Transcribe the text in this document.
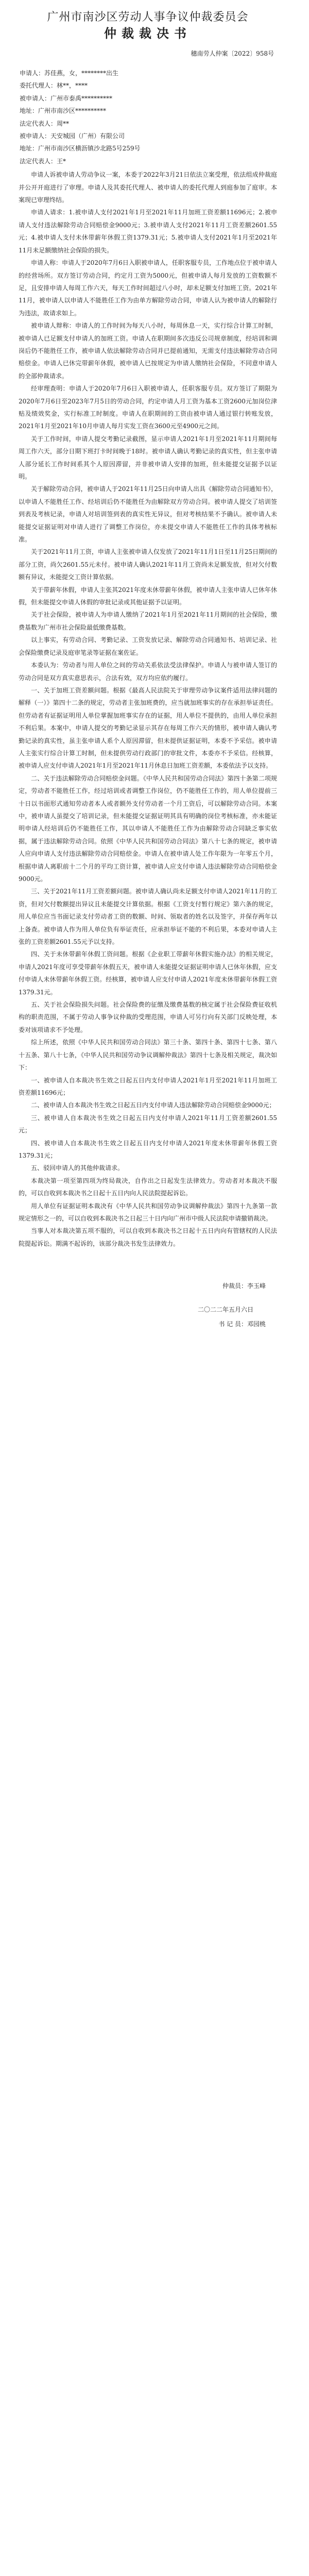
广州市南沙区劳动人事争议仲裁委员会
仲裁裁决书
穗南劳人仲案〔2022〕958号

申请人：苏佳燕，女，********出生

委托代理人：林**，****

被申请人：广州市泰禹**********

地址：广州市南沙区**********

法定代表人：周**

被申请人：天安城园（广州）有限公司

地址：广州市南沙区横沥镇沙北路5号259号

法定代表人：王*

申请人诉被申请人劳动争议一案，本委于2022年3月21日依法立案受理，依法组成仲裁庭并公开开庭进行了审理。申请人及其委托代理人、被申请人的委托代理人到庭参加了庭审。本案现已审理终结。

申请人请求：1.被申请人支付2021年1月至2021年11月加班工资差额11696元；2.被申请人支付违法解除劳动合同赔偿金9000元；3.被申请人支付2021年11月工资差额2601.55元；4.被申请人支付未休带薪年休假工资1379.31元；5.被申请人支付2021年1月至2021年11月未足额缴纳社会保险的损失。

申请人称：申请人于2020年7月6日入职被申请人，任职客服专员，工作地点位于被申请人的经营场所。双方签订劳动合同，约定月工资为5000元，但被申请人每月发放的工资数额不足，且安排申请人每周工作六天，每天工作时间超过八小时，却未足额支付加班工资。2021年11月，被申请人以申请人不能胜任工作为由单方解除劳动合同，申请人认为被申请人的解除行为违法，故请求如上。

被申请人辩称：申请人的工作时间为每天八小时，每周休息一天，实行综合计算工时制，被申请人已足额支付申请人的加班工资。申请人在职期间多次违反公司规章制度，经培训和调岗后仍不能胜任工作，被申请人依法解除劳动合同并已提前通知，无需支付违法解除劳动合同赔偿金。申请人已休完带薪年休假，被申请人已按规定为申请人缴纳社会保险，不同意申请人的全部仲裁请求。

经审理查明：申请人于2020年7月6日入职被申请人，任职客服专员。双方签订了期限为2020年7月6日至2023年7月5日的劳动合同，约定申请人月工资为基本工资2600元加岗位津贴及绩效奖金，实行标准工时制度。申请人在职期间的工资由被申请人通过银行转账发放，2021年1月至2021年10月申请人每月实发工资在3600元至4900元之间。

关于工作时间，申请人提交考勤记录截图，显示申请人2021年1月至2021年11月期间每周工作六天，部分日期下班打卡时间晚于18时。被申请人确认考勤记录的真实性，但主张申请人部分延长工作时间系其个人原因滞留，并非被申请人安排的加班，但未能提交证据予以证明。

关于解除劳动合同，被申请人于2021年11月25日向申请人出具《解除劳动合同通知书》，以申请人不能胜任工作、经培训后仍不能胜任为由解除双方劳动合同。被申请人提交了培训签到表及考核记录，申请人对培训签到表的真实性无异议，但对考核结果不予确认。被申请人未能提交证据证明对申请人进行了调整工作岗位，亦未提交申请人不能胜任工作的具体考核标准。

关于2021年11月工资，申请人主张被申请人仅发放了2021年11月1日至11月25日期间的部分工资，尚欠2601.55元未付。被申请人确认2021年11月工资尚未足额发放，但对欠付数额有异议，未能提交工资计算依据。

关于带薪年休假，申请人主张其2021年度未休带薪年休假，被申请人主张申请人已休年休假，但未能提交申请人休假的审批记录或其他证据予以证明。

关于社会保险，被申请人为申请人缴纳了2021年1月至2021年11月期间的社会保险，缴费基数为广州市社会保险最低缴费基数。

以上事实，有劳动合同、考勤记录、工资发放记录、解除劳动合同通知书、培训记录、社会保险缴费记录及庭审笔录等证据在案佐证。

本委认为：劳动者与用人单位之间的劳动关系依法受法律保护。申请人与被申请人签订的劳动合同是双方真实意思表示，合法有效，双方均应依约履行。

一、关于加班工资差额问题。根据《最高人民法院关于审理劳动争议案件适用法律问题的解释（一）》第四十二条的规定，劳动者主张加班费的，应当就加班事实的存在承担举证责任。但劳动者有证据证明用人单位掌握加班事实存在的证据，用人单位不提供的，由用人单位承担不利后果。本案中，申请人提交的考勤记录显示其存在每周工作六天的情形，被申请人确认考勤记录的真实性，虽主张申请人系个人原因滞留，但未提供证据证明，本委不予采信。被申请人主张实行综合计算工时制，但未提供劳动行政部门的审批文件，本委亦不予采信。经核算，被申请人应支付申请人2021年1月至2021年11月休息日加班工资差额，本委依法予以支持。

二、关于违法解除劳动合同赔偿金问题。《中华人民共和国劳动合同法》第四十条第二项规定，劳动者不能胜任工作，经过培训或者调整工作岗位，仍不能胜任工作的，用人单位提前三十日以书面形式通知劳动者本人或者额外支付劳动者一个月工资后，可以解除劳动合同。本案中，被申请人虽提交了培训记录，但未能提交证据证明其具有明确的岗位考核标准，亦未能证明申请人经培训后仍不能胜任工作，其以申请人不能胜任工作为由解除劳动合同缺乏事实依据，属于违法解除劳动合同。依照《中华人民共和国劳动合同法》第八十七条的规定，被申请人应向申请人支付违法解除劳动合同赔偿金。申请人在被申请人处工作年限为一年零五个月，根据申请人离职前十二个月的平均工资计算，被申请人应支付申请人违法解除劳动合同赔偿金9000元。

三、关于2021年11月工资差额问题。被申请人确认尚未足额支付申请人2021年11月的工资，但对欠付数额提出异议且未能提交计算依据。根据《工资支付暂行规定》第六条的规定，用人单位应当书面记录支付劳动者工资的数额、时间、领取者的姓名以及签字，并保存两年以上备查。被申请人作为用人单位负有举证责任，应承担举证不能的不利后果，本委对申请人主张的工资差额2601.55元予以支持。

四、关于未休带薪年休假工资问题。根据《企业职工带薪年休假实施办法》的相关规定，申请人2021年度可享受带薪年休假五天，被申请人未能提交证据证明申请人已休年休假，应支付申请人未休带薪年休假工资。经核算，被申请人应支付申请人2021年度未休带薪年休假工资1379.31元。

五、关于社会保险损失问题。社会保险费的征缴及缴费基数的核定属于社会保险费征收机构的职责范围，不属于劳动人事争议仲裁的受理范围，申请人可另行向有关部门反映处理，本委对该项请求不予处理。

综上所述，依照《中华人民共和国劳动合同法》第三十条、第四十条、第四十七条、第八十五条、第八十七条，《中华人民共和国劳动争议调解仲裁法》第四十七条及相关规定，裁决如下：

一、被申请人自本裁决书生效之日起五日内支付申请人2021年1月至2021年11月加班工资差额11696元；

二、被申请人自本裁决书生效之日起五日内支付申请人违法解除劳动合同赔偿金9000元；

三、被申请人自本裁决书生效之日起五日内支付申请人2021年11月工资差额2601.55元；

四、被申请人自本裁决书生效之日起五日内支付申请人2021年度未休带薪年休假工资1379.31元；

五、驳回申请人的其他仲裁请求。

本裁决第一项至第四项为终局裁决，自作出之日起发生法律效力。劳动者对本裁决不服的，可以自收到本裁决书之日起十五日内向人民法院提起诉讼。

用人单位有证据证明本裁决有《中华人民共和国劳动争议调解仲裁法》第四十九条第一款规定情形之一的，可以自收到本裁决书之日起三十日内向广州市中级人民法院申请撤销裁决。

当事人对本裁决第五项不服的，可以自收到本裁决书之日起十五日内向有管辖权的人民法院提起诉讼。期满不起诉的，该部分裁决书发生法律效力。

仲裁员：李玉峰

二〇二二年五月六日

书 记 员：邓园桃
